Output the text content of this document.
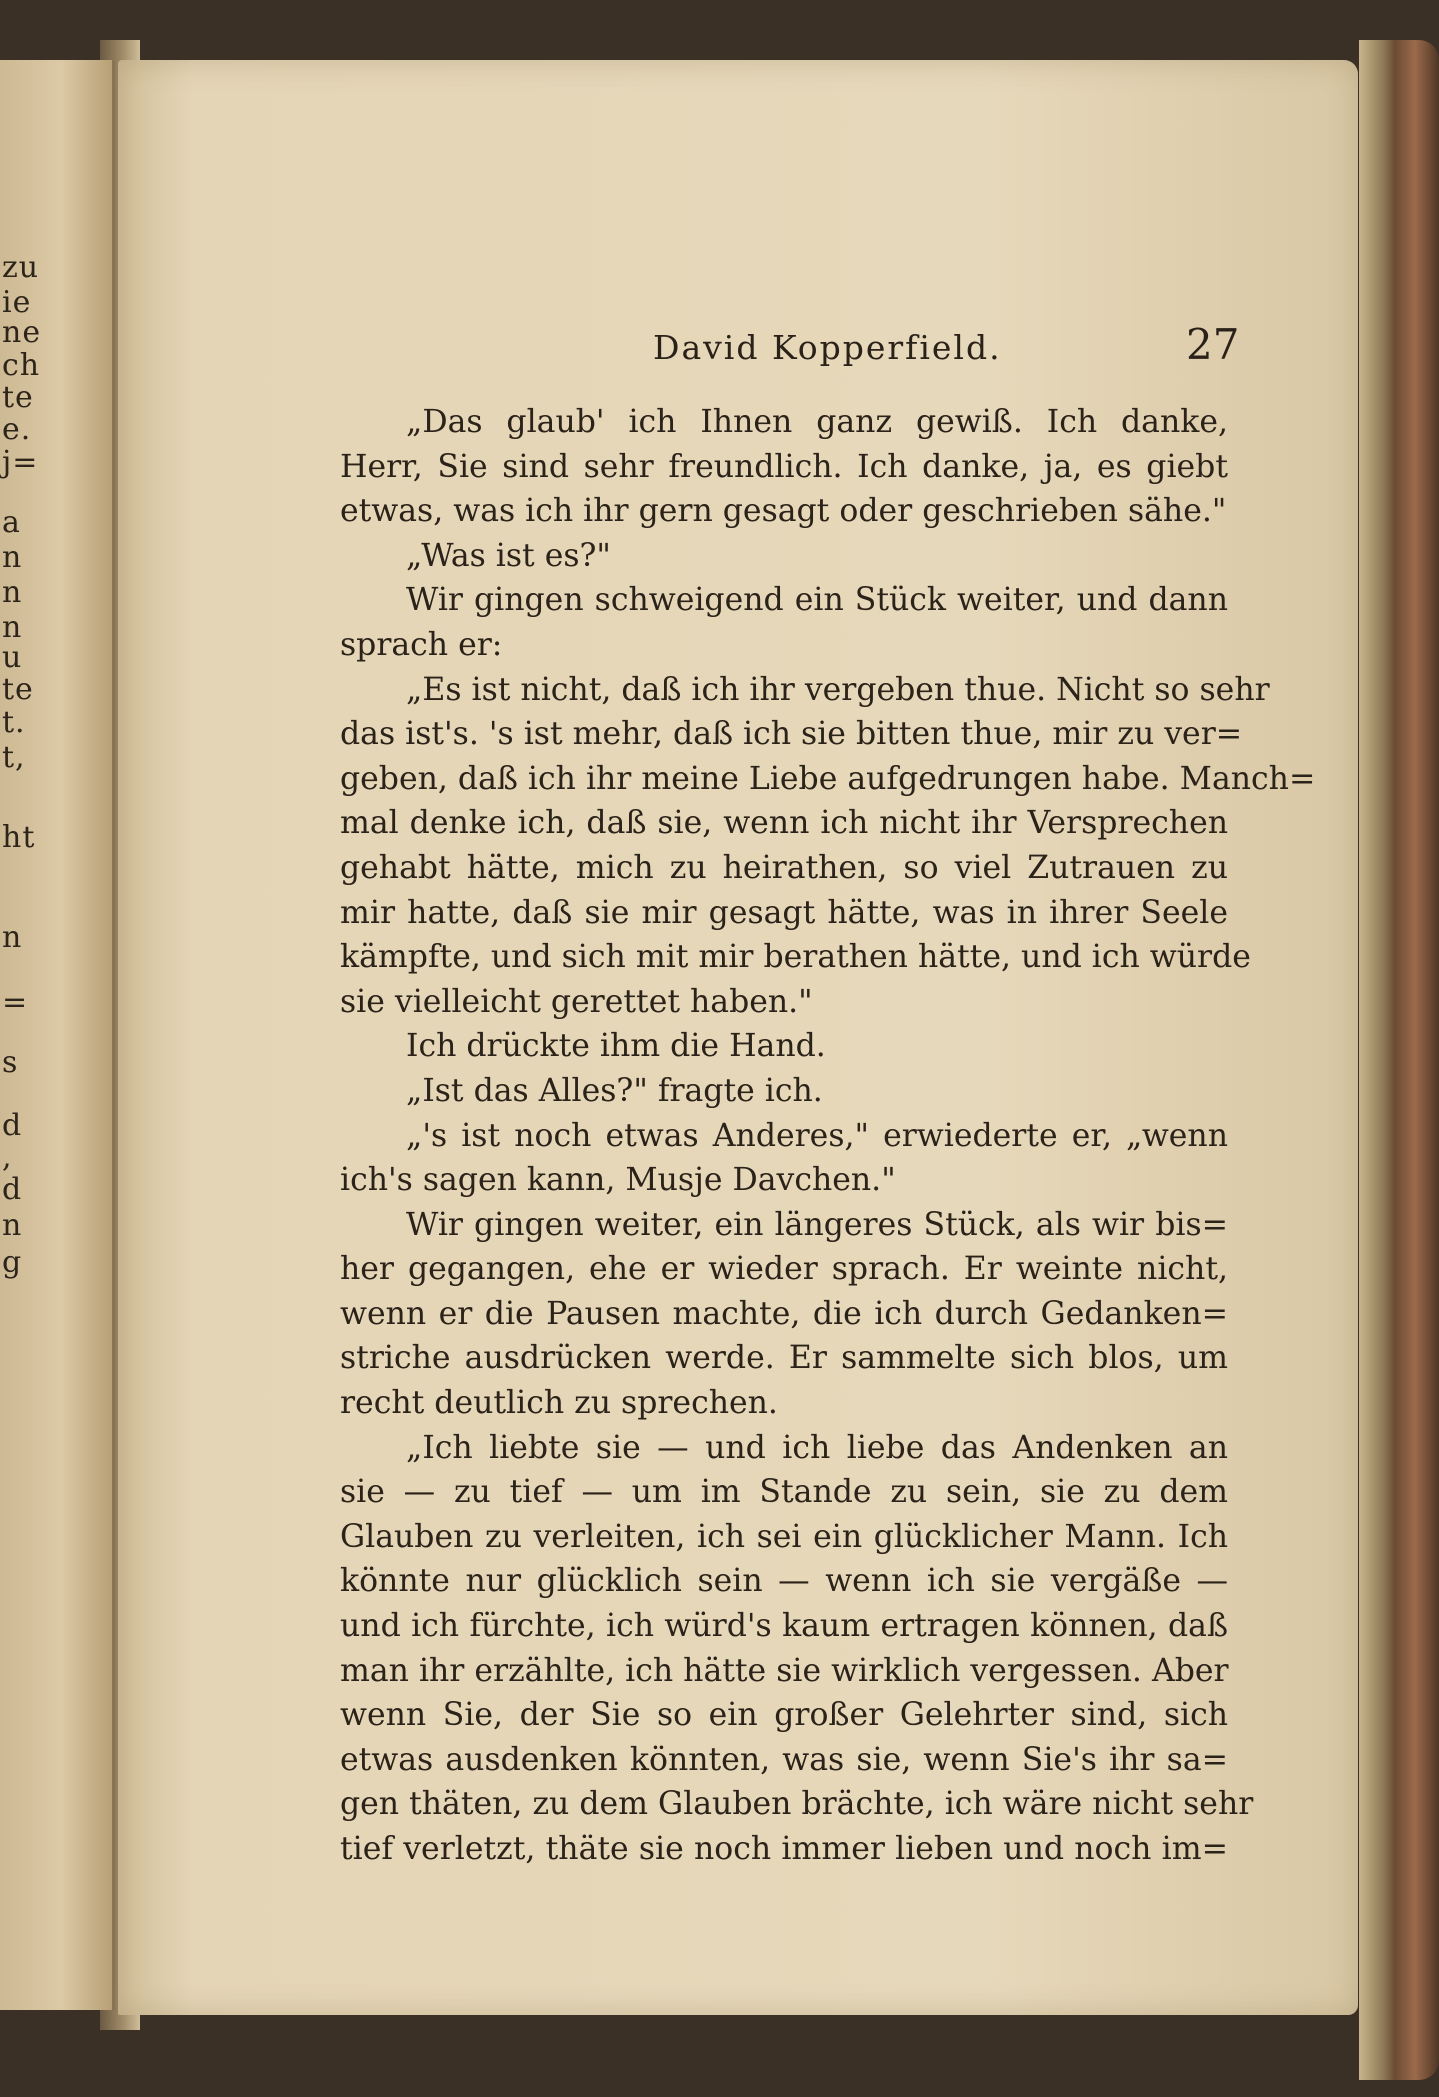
zu
ie
ne
ch
te
e.
j=
a
n
n
n
u
te
t.
t,
ht
n
=
s
d
,
d
n
g
David Kopperfield.	27
„Das glaub' ich Ihnen ganz gewiß. Ich danke,
Herr, Sie sind sehr freundlich. Ich danke, ja, es giebt
etwas, was ich ihr gern gesagt oder geschrieben sähe."
„Was ist es?"
Wir gingen schweigend ein Stück weiter, und dann
sprach er:
„Es ist nicht, daß ich ihr vergeben thue. Nicht so sehr
das ist's. 's ist mehr, daß ich sie bitten thue, mir zu ver=
geben, daß ich ihr meine Liebe aufgedrungen habe. Manch=
mal denke ich, daß sie, wenn ich nicht ihr Versprechen
gehabt hätte, mich zu heirathen, so viel Zutrauen zu
mir hatte, daß sie mir gesagt hätte, was in ihrer Seele
kämpfte, und sich mit mir berathen hätte, und ich würde
sie vielleicht gerettet haben."
Ich drückte ihm die Hand.
„Ist das Alles?" fragte ich.
„'s ist noch etwas Anderes," erwiederte er, „wenn
ich's sagen kann, Musje Davchen."
Wir gingen weiter, ein längeres Stück, als wir bis=
her gegangen, ehe er wieder sprach. Er weinte nicht,
wenn er die Pausen machte, die ich durch Gedanken=
striche ausdrücken werde. Er sammelte sich blos, um
recht deutlich zu sprechen.
„Ich liebte sie — und ich liebe das Andenken an
sie — zu tief — um im Stande zu sein, sie zu dem
Glauben zu verleiten, ich sei ein glücklicher Mann. Ich
könnte nur glücklich sein — wenn ich sie vergäße —
und ich fürchte, ich würd's kaum ertragen können, daß
man ihr erzählte, ich hätte sie wirklich vergessen. Aber
wenn Sie, der Sie so ein großer Gelehrter sind, sich
etwas ausdenken könnten, was sie, wenn Sie's ihr sa=
gen thäten, zu dem Glauben brächte, ich wäre nicht sehr
tief verletzt, thäte sie noch immer lieben und noch im=
